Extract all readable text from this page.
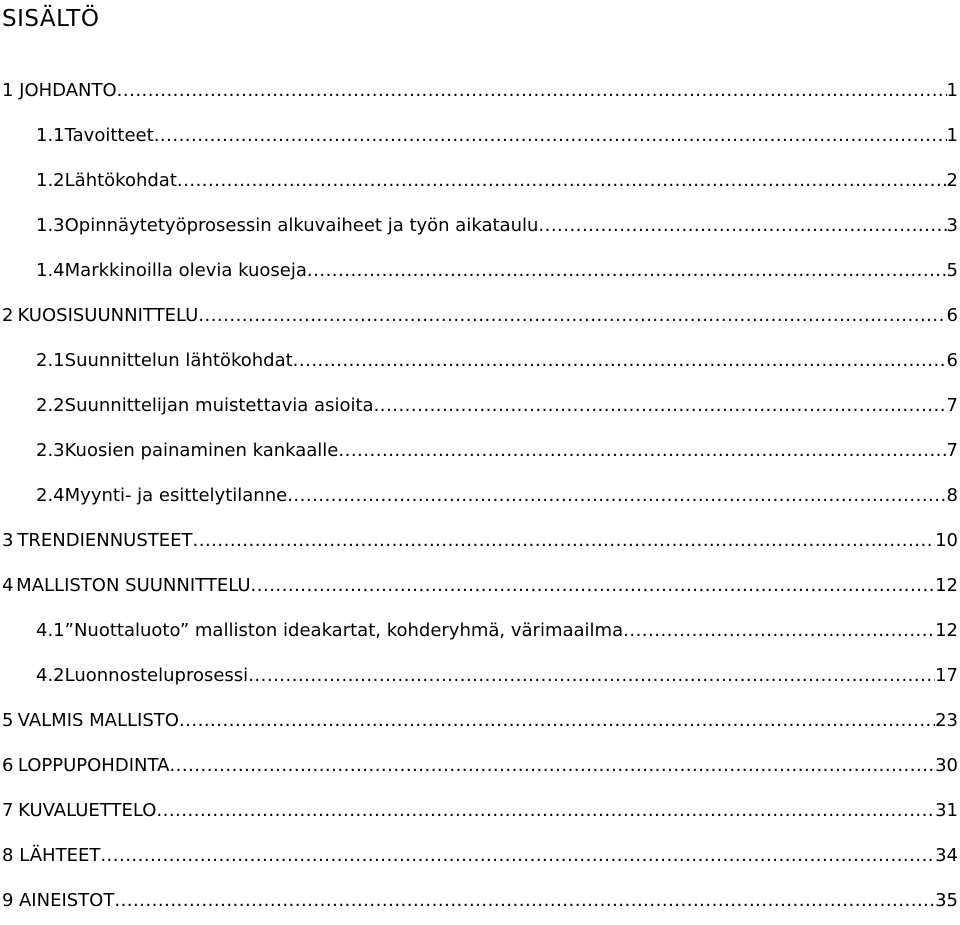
SISÄLTÖ
1 JOHDANTO .....	1
1.1 Tavoitteet .....	1
1.2 Lähtökohdat .....	2
1.3 Opinnäytetyöprosessin alkuvaiheet ja työn aikataulu .....	3
1.4 Markkinoilla olevia kuoseja .....	5
2 KUOSISUUNNITTELU .....	6
2.1 Suunnittelun lähtökohdat .....	6
2.2 Suunnittelijan muistettavia asioita .....	7
2.3 Kuosien painaminen kankaalle .....	7
2.4 Myynti- ja esittelytilanne .....	8
3 TRENDIENNUSTEET .....	10
4 MALLISTON SUUNNITTELU .....	12
4.1 ”Nuottaluoto” malliston ideakartat, kohderyhmä, värimaailma .....	12
4.2 Luonnosteluprosessi .....	17
5 VALMIS MALLISTO .....	23
6 LOPPUPOHDINTA .....	30
7 KUVALUETTELO .....	31
8 LÄHTEET .....	34
9 AINEISTOT .....	35
